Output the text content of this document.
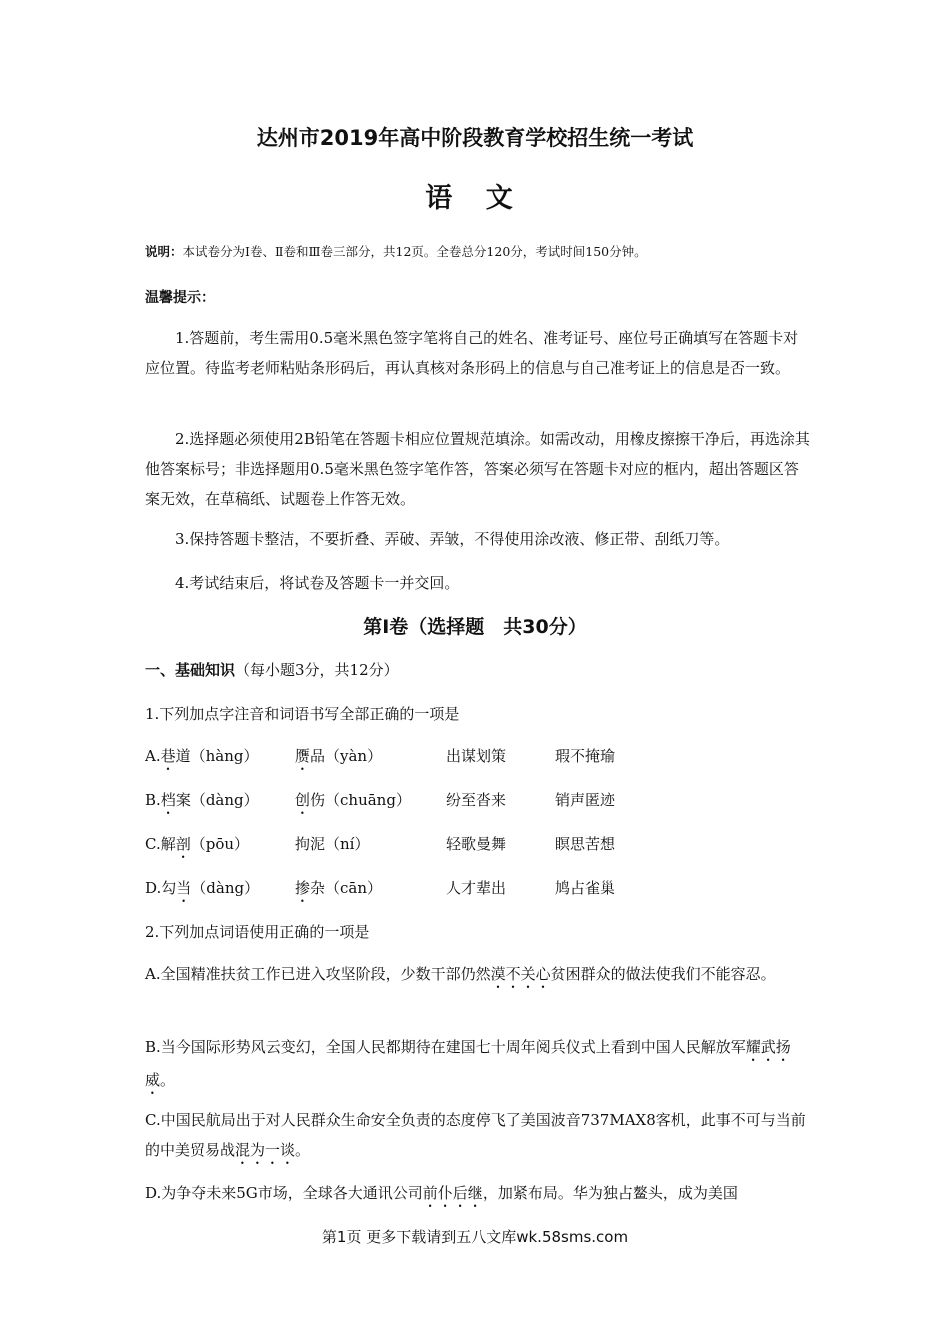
达州市2019年高中阶段教育学校招生统一考试
语 文
说明：本试卷分为Ⅰ卷、Ⅱ卷和Ⅲ卷三部分，共12页。全卷总分120分，考试时间150分钟。
温馨提示：

1.答题前，考生需用0.5毫米黑色签字笔将自己的姓名、准考证号、座位号正确填写在答题卡对应位置。待监考老师粘贴条形码后，再认真核对条形码上的信息与自己准考证上的信息是否一致。

2.选择题必须使用2B铅笔在答题卡相应位置规范填涂。如需改动，用橡皮擦擦干净后，再选涂其他答案标号；非选择题用0.5毫米黑色签字笔作答，答案必须写在答题卡对应的框内，超出答题区答案无效，在草稿纸、试题卷上作答无效。

3.保持答题卡整洁，不要折叠、弄破、弄皱，不得使用涂改液、修正带、刮纸刀等。

4.考试结束后，将试卷及答题卡一并交回。

第Ⅰ卷（选择题　共30分）
一、基础知识（每小题3分，共12分）
1.下列加点字注音和词语书写全部正确的一项是
A.巷道（hàng） 赝品（yàn）	出谋划策	瑕不掩瑜
B.档案（dàng） 创伤（chuāng） 纷至沓来	销声匿迹
C.解剖（pōu）	拘泥（ní）	轻歌曼舞	瞑思苦想
D.勾当（dàng） 掺杂（cān）	人才辈出	鸠占雀巢
2.下列加点词语使用正确的一项是
A.全国精准扶贫工作已进入攻坚阶段，少数干部仍然漠不关心贫困群众的做法使我们不能容忍。
B.当今国际形势风云变幻，全国人民都期待在建国七十周年阅兵仪式上看到中国人民解放军耀武扬威。
C.中国民航局出于对人民群众生命安全负责的态度停飞了美国波音737MAX8客机，此事不可与当前的中美贸易战混为一谈。
D.为争夺未来5G市场，全球各大通讯公司前仆后继，加紧布局。华为独占鳌头，成为美国
第1页 更多下载请到五八文库wk.58sms.com
